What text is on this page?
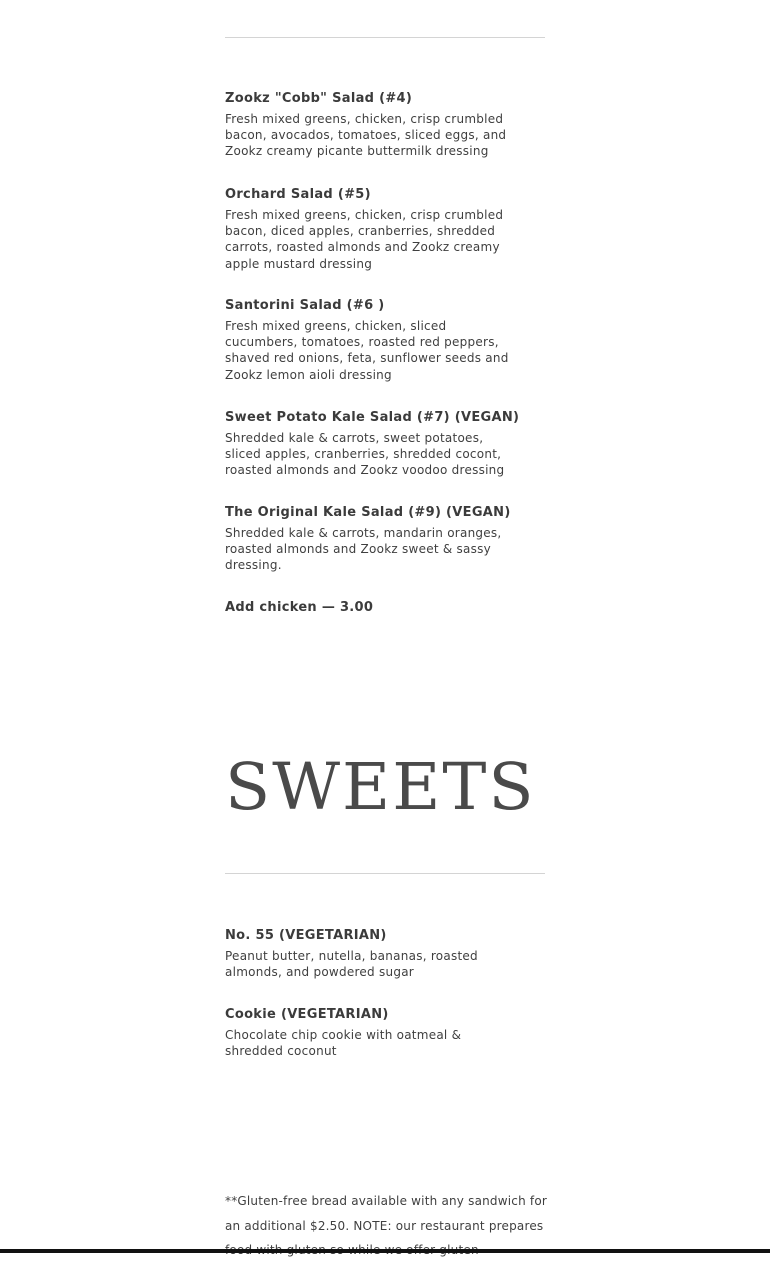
Zookz "Cobb" Salad (#4)

Fresh mixed greens, chicken, crisp crumbled bacon, avocados, tomatoes, sliced eggs, and Zookz creamy picante buttermilk dressing

Orchard Salad (#5)

Fresh mixed greens, chicken, crisp crumbled bacon, diced apples, cranberries, shredded carrots, roasted almonds and Zookz creamy apple mustard dressing

Santorini Salad (#6 )

Fresh mixed greens, chicken, sliced cucumbers, tomatoes, roasted red peppers, shaved red onions, feta, sunflower seeds and Zookz lemon aioli dressing

Sweet Potato Kale Salad (#7) (VEGAN)

Shredded kale & carrots, sweet potatoes, sliced apples, cranberries, shredded cocont, roasted almonds and Zookz voodoo dressing

The Original Kale Salad (#9) (VEGAN)

Shredded kale & carrots, mandarin oranges, roasted almonds and Zookz sweet & sassy dressing.

Add chicken — 3.00

SWEETS

No. 55 (VEGETARIAN)

Peanut butter, nutella, bananas, roasted almonds, and powdered sugar

Cookie (VEGETARIAN)

Chocolate chip cookie with oatmeal & shredded coconut

**Gluten-free bread available with any sandwich for an additional $2.50. NOTE: our restaurant prepares
